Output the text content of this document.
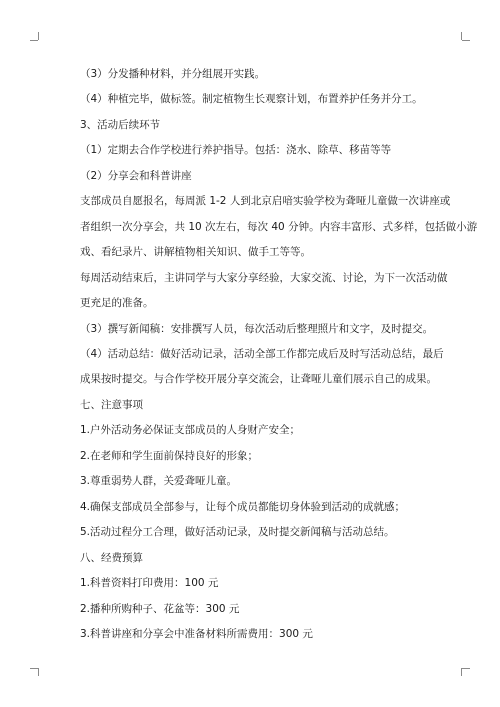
（3）分发播种材料，并分组展开实践。
（4）种植完毕，做标签。制定植物生长观察计划，布置养护任务并分工。
3、活动后续环节
（1）定期去合作学校进行养护指导。包括：浇水、除草、移苗等等
（2）分享会和科普讲座
支部成员自愿报名，每周派 1-2 人到北京启喑实验学校为聋哑儿童做一次讲座或
者组织一次分享会，共 10 次左右，每次 40 分钟。内容丰富形、式多样，包括做小游
戏、看纪录片、讲解植物相关知识、做手工等等。
每周活动结束后，主讲同学与大家分享经验，大家交流、讨论，为下一次活动做
更充足的准备。
（3）撰写新闻稿：安排撰写人员，每次活动后整理照片和文字，及时提交。
（4）活动总结：做好活动记录，活动全部工作都完成后及时写活动总结，最后
成果按时提交。与合作学校开展分享交流会，让聋哑儿童们展示自己的成果。
七、注意事项
1.户外活动务必保证支部成员的人身财产安全；
2.在老师和学生面前保持良好的形象；
3.尊重弱势人群，关爱聋哑儿童。
4.确保支部成员全部参与，让每个成员都能切身体验到活动的成就感；
5.活动过程分工合理，做好活动记录，及时提交新闻稿与活动总结。
八、经费预算
1.科普资料打印费用：100 元
2.播种所购种子、花盆等：300 元
3.科普讲座和分享会中准备材料所需费用：300 元
